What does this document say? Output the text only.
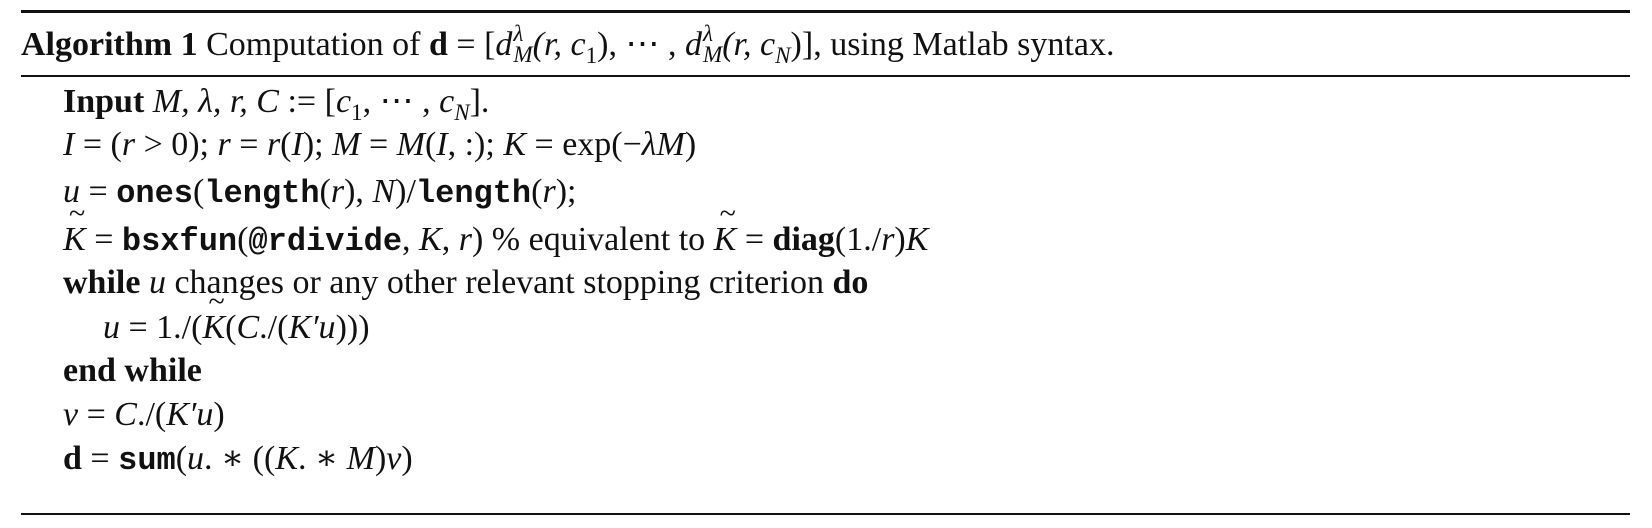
Algorithm 1 Computation of d = [d λ
M (r, $c_1$), ⋯ , d λ
M (r, $c_N$)], using Matlab syntax.
Input M, λ, r, C := [$c_1$, ⋯ , $c_N$].
I = (r > 0); r = r(I); M = M(I, :); K = exp(−λM)
u = ones(length(r), N)/length(r);
~ K = bsxfun(@rdivide, K, r) % equivalent to ~ K = diag(1./r)K
while u changes or any other relevant stopping criterion do
u = 1./(~ K(C./(K′u)))
end while
v = C./(K′u)
d = sum(u. ∗ ((K. ∗ M)v)
